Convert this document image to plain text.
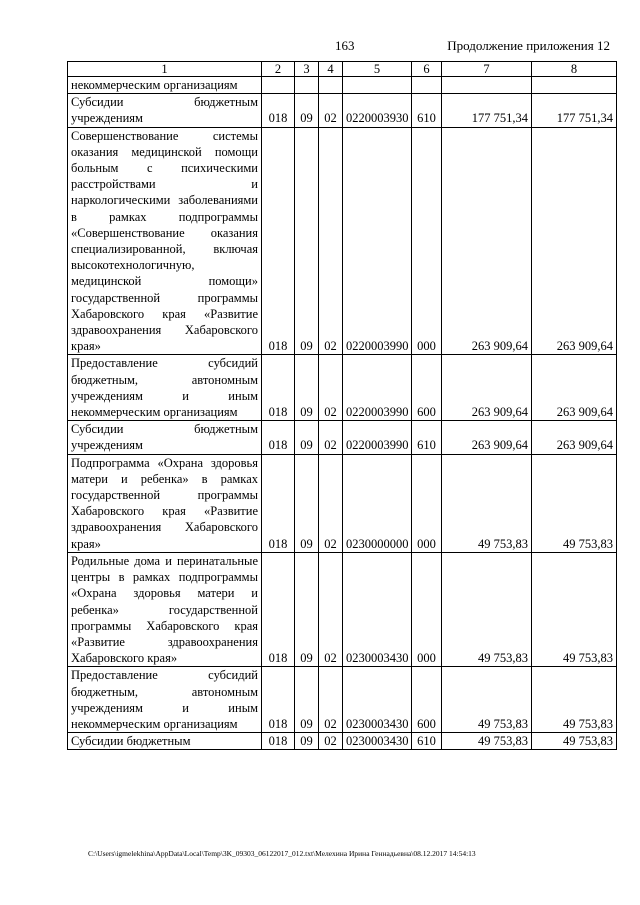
163	Продолжение приложения 12
1	2	3	4	5	6	7	8
некоммерческим организациям							
Субсидии бюджетным учреждениям	018	09	02	0220003930	610	177 751,34	177 751,34
Совершенствование системы оказания медицинской помощи больным с психическими расстройствами и наркологическими заболеваниями в рамках подпрограммы «Совершенствование оказания специализированной, включая высокотехнологичную, медицинской помощи» государственной программы Хабаровского края «Развитие здравоохранения Хабаровского края»	018	09	02	0220003990	000	263 909,64	263 909,64
Предоставление субсидий бюджетным, автономным учреждениям и иным некоммерческим организациям	018	09	02	0220003990	600	263 909,64	263 909,64
Субсидии бюджетным учреждениям	018	09	02	0220003990	610	263 909,64	263 909,64
Подпрограмма «Охрана здоровья матери и ребенка» в рамках государственной программы Хабаровского края «Развитие здравоохранения Хабаровского края»	018	09	02	0230000000	000	49 753,83	49 753,83
Родильные дома и перинатальные центры в рамках подпрограммы «Охрана здоровья матери и ребенка» государственной программы Хабаровского края «Развитие здравоохранения Хабаровского края»	018	09	02	0230003430	000	49 753,83	49 753,83
Предоставление субсидий бюджетным, автономным учреждениям и иным некоммерческим организациям	018	09	02	0230003430	600	49 753,83	49 753,83
Субсидии бюджетным	018	09	02	0230003430	610	49 753,83	49 753,83
C:\Users\igmelekhina\AppData\Local\Temp\3K_09303_06122017_012.txt\Мелехина Ирина Геннадьевна\08.12.2017 14:54:13
